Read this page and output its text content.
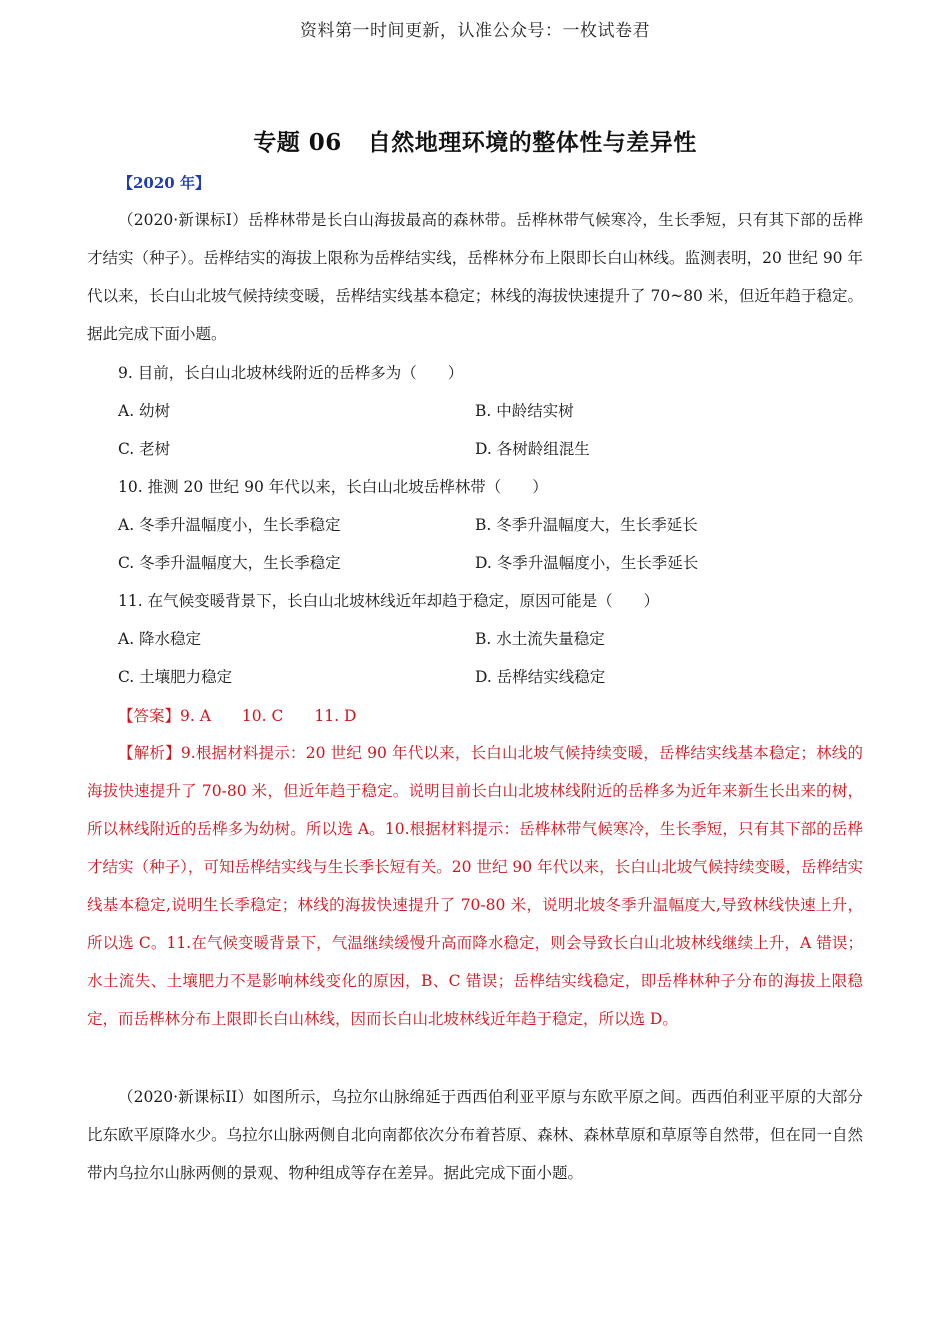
资料第一时间更新，认准公众号：一枚试卷君
专题 06 自然地理环境的整体性与差异性
【2020 年】
（2020·新课标I）岳桦林带是长白山海拔最高的森林带。岳桦林带气候寒冷，生长季短，只有其下部的岳桦才结实（种子）。岳桦结实的海拔上限称为岳桦结实线，岳桦林分布上限即长白山林线。监测表明，20 世纪 90 年代以来，长白山北坡气候持续变暖，岳桦结实线基本稳定；林线的海拔快速提升了 70~80 米，但近年趋于稳定。据此完成下面小题。
9. 目前，长白山北坡林线附近的岳桦多为（　　）
A. 幼树	B. 中龄结实树
C. 老树	D. 各树龄组混生
10. 推测 20 世纪 90 年代以来，长白山北坡岳桦林带（　　）
A. 冬季升温幅度小，生长季稳定	B. 冬季升温幅度大，生长季延长
C. 冬季升温幅度大，生长季稳定	D. 冬季升温幅度小，生长季延长
11. 在气候变暖背景下，长白山北坡林线近年却趋于稳定，原因可能是（　　）
A. 降水稳定	B. 水土流失量稳定
C. 土壤肥力稳定	D. 岳桦结实线稳定
【答案】9. A　　10. C　　11. D
【解析】9.根据材料提示：20 世纪 90 年代以来，长白山北坡气候持续变暖，岳桦结实线基本稳定；林线的海拔快速提升了 70-80 米，但近年趋于稳定。说明目前长白山北坡林线附近的岳桦多为近年来新生长出来的树，所以林线附近的岳桦多为幼树。所以选 A。10.根据材料提示：岳桦林带气候寒冷，生长季短，只有其下部的岳桦才结实（种子），可知岳桦结实线与生长季长短有关。20 世纪 90 年代以来，长白山北坡气候持续变暖，岳桦结实线基本稳定,说明生长季稳定；林线的海拔快速提升了 70-80 米，说明北坡冬季升温幅度大,导致林线快速上升，所以选 C。11.在气候变暖背景下，气温继续缓慢升高而降水稳定，则会导致长白山北坡林线继续上升，A 错误；水土流失、土壤肥力不是影响林线变化的原因，B、C 错误；岳桦结实线稳定，即岳桦林种子分布的海拔上限稳定，而岳桦林分布上限即长白山林线，因而长白山北坡林线近年趋于稳定，所以选 D。
（2020·新课标II）如图所示，乌拉尔山脉绵延于西西伯利亚平原与东欧平原之间。西西伯利亚平原的大部分比东欧平原降水少。乌拉尔山脉两侧自北向南都依次分布着苔原、森林、森林草原和草原等自然带，但在同一自然带内乌拉尔山脉两侧的景观、物种组成等存在差异。据此完成下面小题。
